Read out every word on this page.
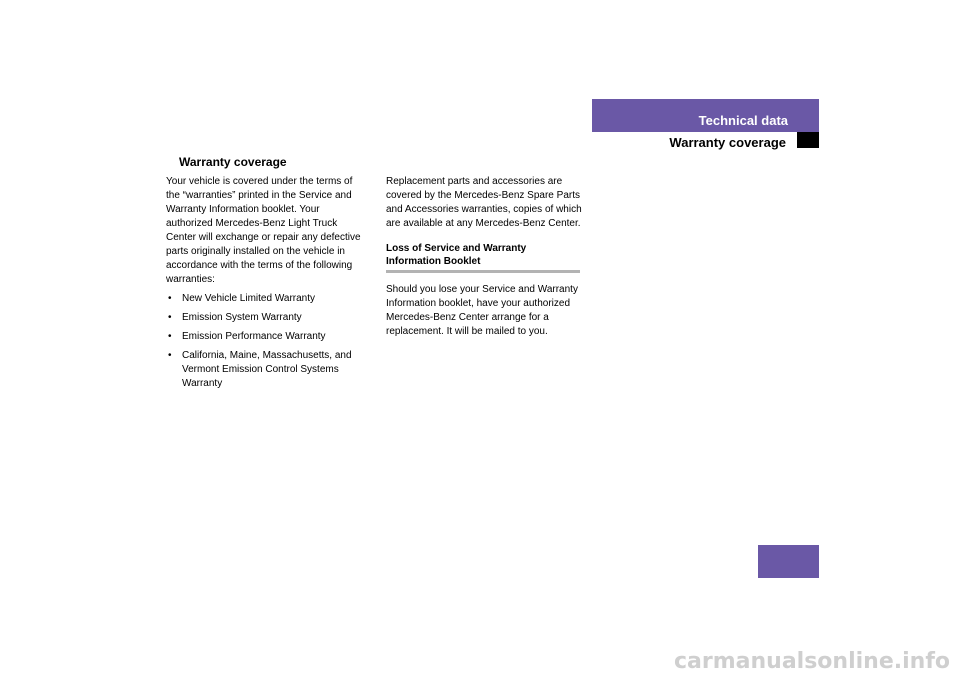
Technical data
Warranty coverage
Warranty coverage

Your vehicle is covered under the terms of the “warranties” printed in the Service and Warranty Information booklet. Your authorized Mercedes-Benz Light Truck Center will exchange or repair any defective parts originally installed on the vehicle in accordance with the terms of the following warranties:

• New Vehicle Limited Warranty
• Emission System Warranty
• Emission Performance Warranty
• California, Maine, Massachusetts, and Vermont Emission Control Systems Warranty

Replacement parts and accessories are covered by the Mercedes-Benz Spare Parts and Accessories warranties, copies of which are available at any Mercedes-Benz Center.

Loss of Service and Warranty Information Booklet

Should you lose your Service and Warranty Information booklet, have your authorized Mercedes-Benz Center arrange for a replacement. It will be mailed to you.

275
carmanualsonline.info
